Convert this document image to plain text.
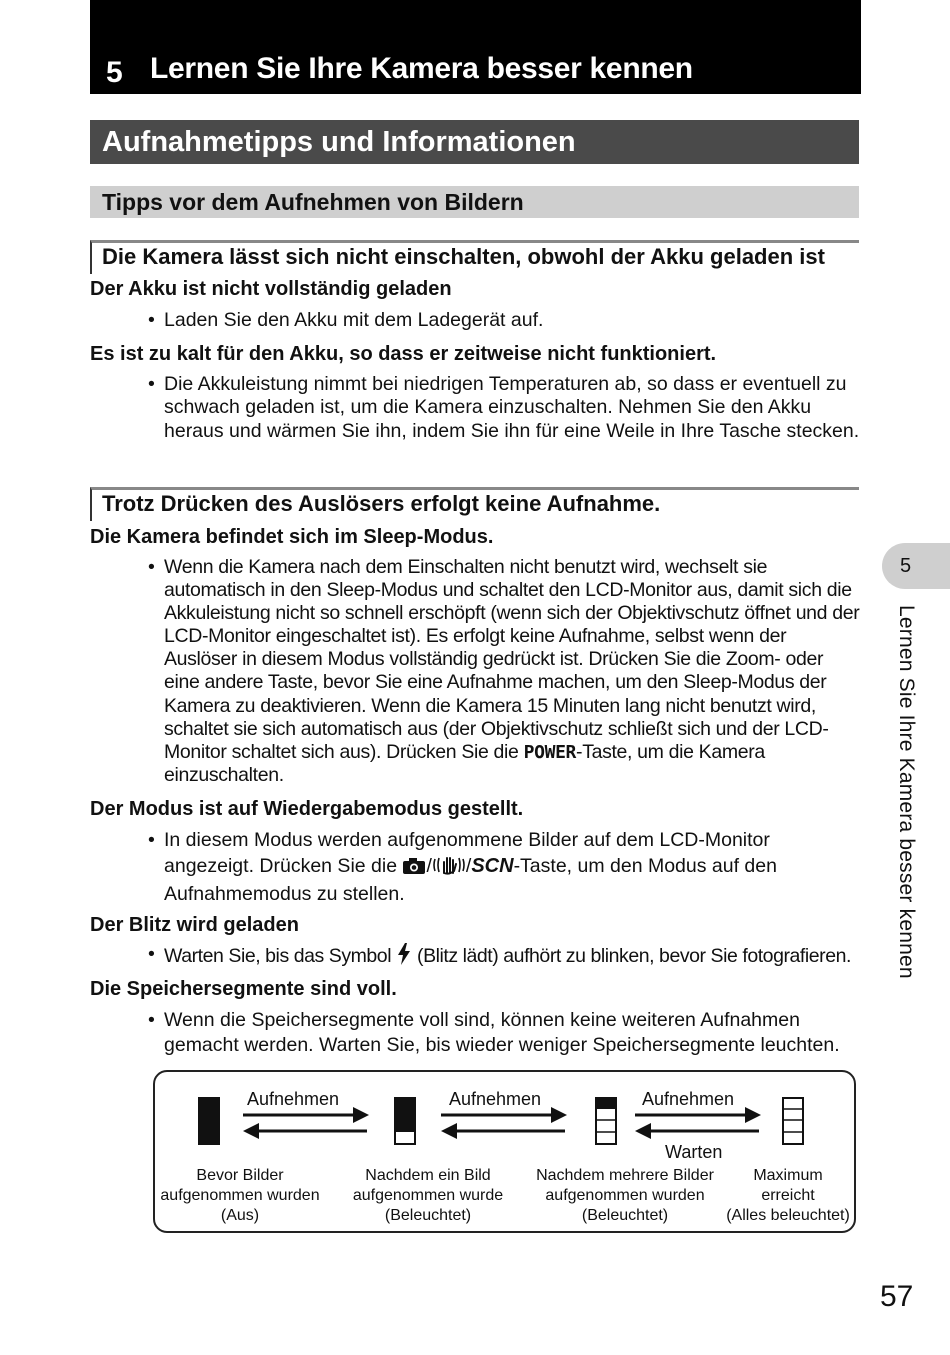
5 Lernen Sie Ihre Kamera besser kennen
Aufnahmetipps und Informationen
Tipps vor dem Aufnehmen von Bildern
Die Kamera lässt sich nicht einschalten, obwohl der Akku geladen ist
Der Akku ist nicht vollständig geladen
• Laden Sie den Akku mit dem Ladegerät auf.
Es ist zu kalt für den Akku, so dass er zeitweise nicht funktioniert.
• Die Akkuleistung nimmt bei niedrigen Temperaturen ab, so dass er eventuell zu schwach geladen ist, um die Kamera einzuschalten. Nehmen Sie den Akku heraus und wärmen Sie ihn, indem Sie ihn für eine Weile in Ihre Tasche stecken.
Trotz Drücken des Auslösers erfolgt keine Aufnahme.
Die Kamera befindet sich im Sleep-Modus.
• Wenn die Kamera nach dem Einschalten nicht benutzt wird, wechselt sie automatisch in den Sleep-Modus und schaltet den LCD-Monitor aus, damit sich die Akkuleistung nicht so schnell erschöpft (wenn sich der Objektivschutz öffnet und der LCD-Monitor eingeschaltet ist). Es erfolgt keine Aufnahme, selbst wenn der Auslöser in diesem Modus vollständig gedrückt ist. Drücken Sie die Zoom- oder eine andere Taste, bevor Sie eine Aufnahme machen, um den Sleep-Modus der Kamera zu deaktivieren. Wenn die Kamera 15 Minuten lang nicht benutzt wird, schaltet sie sich automatisch aus (der Objektivschutz schließt sich und der LCD-Monitor schaltet sich aus). Drücken Sie die POWER-Taste, um die Kamera einzuschalten.
Der Modus ist auf Wiedergabemodus gestellt.
• In diesem Modus werden aufgenommene Bilder auf dem LCD-Monitor angezeigt. Drücken Sie die / /SCN-Taste, um den Modus auf den Aufnahmemodus zu stellen.
Der Blitz wird geladen
• Warten Sie, bis das Symbol  (Blitz lädt) aufhört zu blinken, bevor Sie fotografieren.
Die Speichersegmente sind voll.
• Wenn die Speichersegmente voll sind, können keine weiteren Aufnahmen gemacht werden. Warten Sie, bis wieder weniger Speichersegmente leuchten.
Aufnehmen	Aufnehmen	Aufnehmen
Warten
Bevor Bilder
aufgenommen wurden
(Aus)
Nachdem ein Bild
aufgenommen wurde
(Beleuchtet)
Nachdem mehrere Bilder
aufgenommen wurden
(Beleuchtet)
Maximum
erreicht
(Alles beleuchtet)
5
Lernen Sie Ihre Kamera besser kennen
57
